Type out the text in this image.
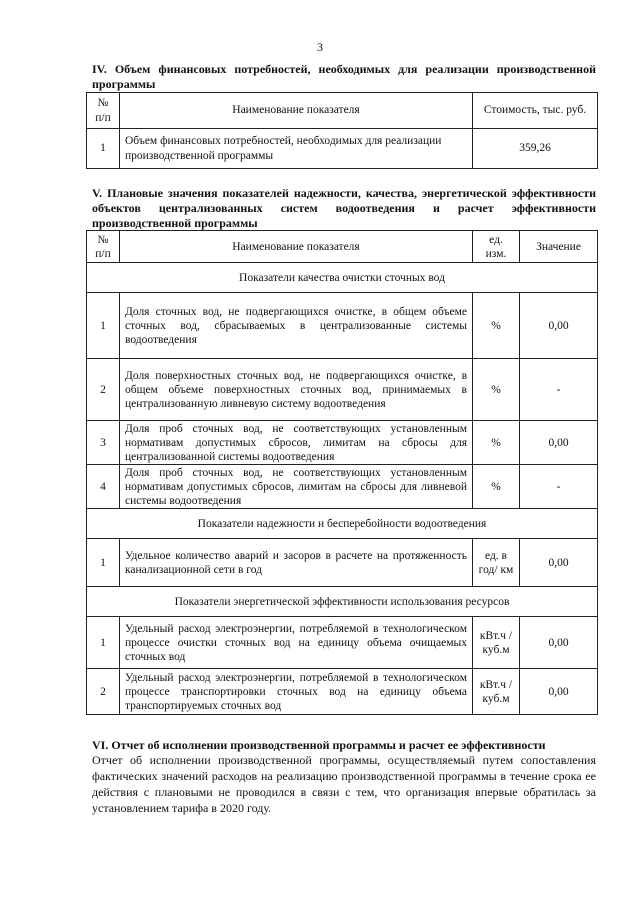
3
IV. Объем финансовых потребностей, необходимых для реализации производственной программы
№ п/п	Наименование показателя	Стоимость, тыс. руб.
1	Объем финансовых потребностей, необходимых для реализации производственной программы	359,26
V. Плановые значения показателей надежности, качества, энергетической эффективности объектов централизованных систем водоотведения и расчет эффективности производственной программы
№ п/п	Наименование показателя	ед. изм.	Значение
Показатели качества очистки сточных вод			
1	Доля сточных вод, не подвергающихся очистке, в общем объеме сточных вод, сбрасываемых в централизованные системы водоотведения	%	0,00
2	Доля поверхностных сточных вод, не подвергающихся очистке, в общем объеме поверхностных сточных вод, принимаемых в централизованную ливневую систему водоотведения	%	-
3	Доля проб сточных вод, не соответствующих установленным нормативам допустимых сбросов, лимитам на сбросы для централизованной системы водоотведения	%	0,00
4	Доля проб сточных вод, не соответствующих установленным нормативам допустимых сбросов, лимитам на сбросы для ливневой системы водоотведения	%	-
Показатели надежности и бесперебойности водоотведения			
1	Удельное количество аварий и засоров в расчете на протяженность канализационной сети в год	ед. в год/ км	0,00
Показатели энергетической эффективности использования ресурсов			
1	Удельный расход электроэнергии, потребляемой в технологическом процессе очистки сточных вод на единицу объема очищаемых сточных вод	кВт.ч / куб.м	0,00
2	Удельный расход электроэнергии, потребляемой в технологическом процессе транспортировки сточных вод на единицу объема транспортируемых сточных вод	кВт.ч / куб.м	0,00
VI. Отчет об исполнении производственной программы и расчет ее эффективности
Отчет об исполнении производственной программы, осуществляемый путем сопоставления фактических значений расходов на реализацию производственной программы в течение срока ее действия с плановыми не проводился в связи с тем, что организация впервые обратилась за установлением тарифа в 2020 году.
